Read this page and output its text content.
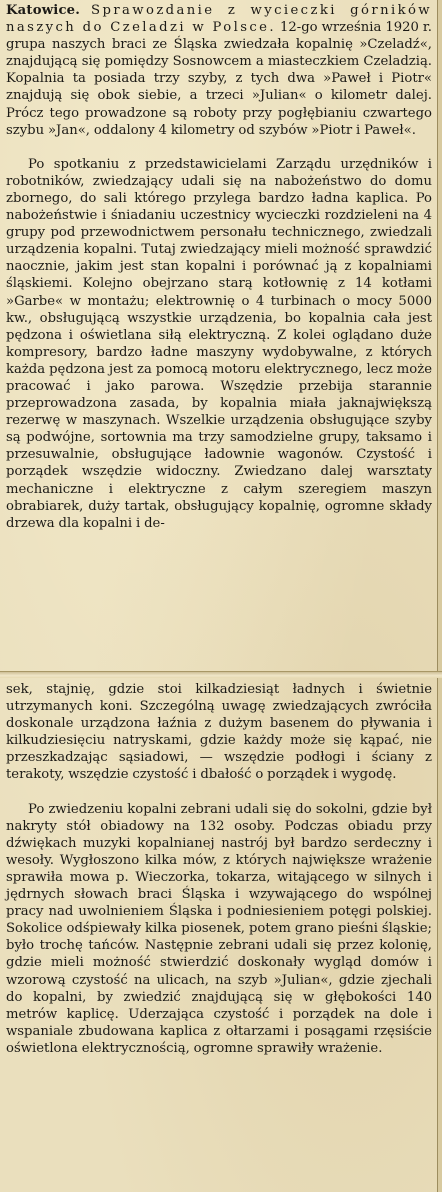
Katowice. Sprawozdanie z wycieczki górników naszych do Czeladzi w Polsce. 12-go września 1920 r. grupa naszych braci ze Śląska zwiedzała kopalnię »Czeladź«, znajdującą się pomiędzy Sosnowcem a miasteczkiem Czeladzią. Kopalnia ta posiada trzy szyby, z tych dwa »Paweł i Piotr« znajdują się obok siebie, a trzeci »Julian« o kilometr dalej. Prócz tego prowadzone są roboty przy pogłębianiu czwartego szybu »Jan«, oddalony 4 kilometry od szybów »Piotr i Paweł«.

Po spotkaniu z przedstawicielami Zarządu urzędników i robotników, zwiedzający udali się na nabożeństwo do domu zbornego, do sali którego przylega bardzo ładna kaplica. Po nabożeństwie i śniadaniu uczestnicy wycieczki rozdzieleni na 4 grupy pod przewodnictwem personału technicznego, zwiedzali urządzenia kopalni. Tutaj zwiedzający mieli możność sprawdzić naocznie, jakim jest stan kopalni i porównać ją z kopalniami śląskiemi. Kolejno obejrzano starą kotłownię z 14 kotłami »Garbe« w montażu; elektrownię o 4 turbinach o mocy 5000 kw., obsługującą wszystkie urządzenia, bo kopalnia cała jest pędzona i oświetlana siłą elektryczną. Z kolei oglądano duże kompresory, bardzo ładne maszyny wydobywalne, z których każda pędzona jest za pomocą motoru elektrycznego, lecz może pracować i jako parowa. Wszędzie przebija starannie przeprowadzona zasada, by kopalnia miała jaknajwiększą rezerwę w maszynach. Wszelkie urządzenia obsługujące szyby są podwójne, sortownia ma trzy samodzielne grupy, taksamo i przesuwalnie, obsługujące ładownie wagonów. Czystość i porządek wszędzie widoczny. Zwiedzano dalej warsztaty mechaniczne i elektryczne z całym szeregiem maszyn obrabiarek, duży tartak, obsługujący kopalnię, ogromne składy drzewa dla kopalni i de-

sek, stajnię, gdzie stoi kilkadziesiąt ładnych i świetnie utrzymanych koni. Szczególną uwagę zwiedzających zwróciła doskonale urządzona łaźnia z dużym basenem do pływania i kilkudziesięciu natryskami, gdzie każdy może się kąpać, nie przeszkadzając sąsiadowi, — wszędzie podłogi i ściany z terakoty, wszędzie czystość i dbałość o porządek i wygodę.

Po zwiedzeniu kopalni zebrani udali się do sokolni, gdzie był nakryty stół obiadowy na 132 osoby. Podczas obiadu przy dźwiękach muzyki kopalnianej nastrój był bardzo serdeczny i wesoły. Wygłoszono kilka mów, z których największe wrażenie sprawiła mowa p. Wieczorka, tokarza, witającego w silnych i jędrnych słowach braci Śląska i wzywającego do wspólnej pracy nad uwolnieniem Śląska i podniesieniem potęgi polskiej. Sokolice odśpiewały kilka piosenek, potem grano pieśni śląskie; było trochę tańców. Następnie zebrani udali się przez kolonię, gdzie mieli możność stwierdzić doskonały wygląd domów i wzorową czystość na ulicach, na szyb »Julian«, gdzie zjechali do kopalni, by zwiedzić znajdującą się w głębokości 140 metrów kaplicę. Uderzająca czystość i porządek na dole i wspaniale zbudowana kaplica z ołtarzami i posągami rzęsiście oświetlona elektrycznością, ogromne sprawiły wrażenie.
